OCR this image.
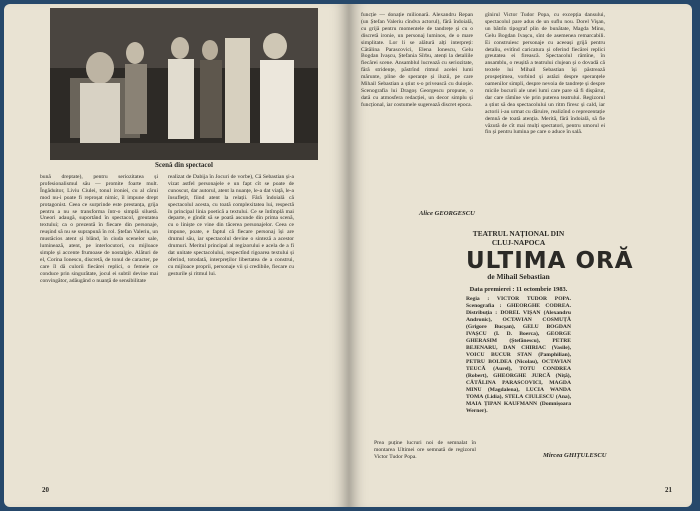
Scenă din spectacol

bună dreptate), pentru seriozitatea și profesionalismul său — promite foarte mult. Îngăduitor, Liviu Ciulei, tonul ironiei, cu al cărui mod nu-i poate fi reproșat nimic, îl impune drept protagonist. Ceea ce surprinde este prestanța, grija pentru a nu se transforma într-o simplă siluetă. Uneori adaugă, suportând în spectacol, greutatea textului; ca o prezentă în fiecare din personaje, reușind să nu se suprapună în rol. Ștefan Valeriu, un mustăcios atent și blând, în ciuda scenelor sale, luminează, atent, pe interlocutori, cu mijloace simple și accente frumoase de nostalgie. Alături de el, Corina Ionescu, discretă, de tonul de caracter, pe care îl dă culorii fiecărei replici, o femeie ce conduce prin singurătate, jocul ei subtil devine mai convingător, adăugând o nuanță de sensibilitate

realizat de Dabija în Jocuri de vorbe), Că Sebastian și-a vizat astfel personajele e un fapt cît se poate de cunoscut, dar autorul, atent la nuanțe, le-a dat viață, le-a însuflețit, fiind atent la relații. Fără îndoială că spectacolul acesta, cu toată complexitatea lui, respectă în principal linia poetică a textului. Ce se întîmplă mai departe, e gîndit să se poată ascunde din prima scenă, cu o liniște ce vine din tăcerea personajelor. Ceea ce impune, poate, e faptul că fiecare personaj își are drumul său, iar spectacolul devine o sinteză a acestor drumuri. Meritul principal al regizorului e acela de a fi dat unitate spectacolului, respectînd rigoarea textului și oferind, totodată, interpreților libertatea de a construi, cu mijloace proprii, personaje vii și credibile, fiecare cu gesturile și ritmul lui.

20

funcție — donație milionară. Alexandru Repan (un Ștefan Valeriu cîndva actorul), fără îndoială, cu grijă pentru momentele de tandrețe și cu o discretă ironie, un personaj luminos, de o mare simplitate. Lor li se alătură alți interpreți: Cătălina Parascovici, Elena Ionescu, Gelu Bogdan Ivașcu, Ștefania Sîrbu, atenți la detaliile fiecărei scene. Ansamblul lucrează cu seriozitate, fără stridențe, păstrînd ritmul acelei lumi mărunte, pline de speranțe și iluzii, pe care Mihail Sebastian a știut s-o privească cu duioșie. Scenografia lui Dragoș Georgescu propune, o dată cu atmosfera redacției, un decor simplu și funcțional, iar costumele sugerează discret epoca.

Alice GEORGESCU
TEATRUL NAȚIONAL DIN CLUJ-NAPOCA
ULTIMA ORĂ
de Mihail Sebastian
Data premierei : 11 octombrie 1983.
Regia : VICTOR TUDOR POPA. Scenografia : GHEORGHE CODREA. Distribuția : DOREL VIȘAN (Alexandru Andronic), OCTAVIAN COSMUȚĂ (Grigore Bucșan), GELU BOGDAN IVAȘCU (I. D. Boerca), GEORGE GHERASIM (Ștefănescu), PETRE BEJENARU, DAN CHIRIAC (Vasile), VOICU BUCUR STAN (Pamphilian), PETRU BOLDEA (Nicolau), OCTAVIAN TEUCĂ (Aurel), TOTU CONDREA (Robert), GHEORGHE JURCĂ (Niță), CĂTĂLINA PARASCOVICI, MAGDA MINU (Magdalena), LUCIA WANDA TOMA (Lidia), STELA CIULESCU (Ana), MAIA ȚIPAN KAUFMANN (Domnișoara Werner).

Prea puține lucruri noi de semnalat în montarea Ultimei ore semnată de regizorul Victor Tudor Popa.

gînirul Victor Tudor Popa, cu excepția dansului, spectacolul pare adus de un suflu nou. Dorel Vișan, un bătrîn tipograf plin de bunătate, Magda Minu, Gelu Bogdan Ivașcu, sînt de asemenea remarcabili. Ei construiesc personaje cu aceeași grijă pentru detaliu, evitînd caricatura și oferind fiecărei replici greutatea ei firească. Spectacolul rămîne, în ansamblu, o reușită a teatrului clujean și o dovadă că textele lui Mihail Sebastian își păstrează prospețimea, vorbind și astăzi despre speranțele oamenilor simpli, despre nevoia de tandrețe și despre micile bucurii ale unei lumi care pare să fi dispărut, dar care rămîne vie prin puterea teatrului. Regizorul a știut să dea spectacolului un ritm firesc și cald, iar actorii i-au urmat cu dăruire, realizînd o reprezentație demnă de toată atenția. Merită, fără îndoială, să fie văzută de cît mai mulți spectatori, pentru umorul ei fin și pentru lumina pe care o aduce în sală.

Mircea GHIȚULESCU
21
